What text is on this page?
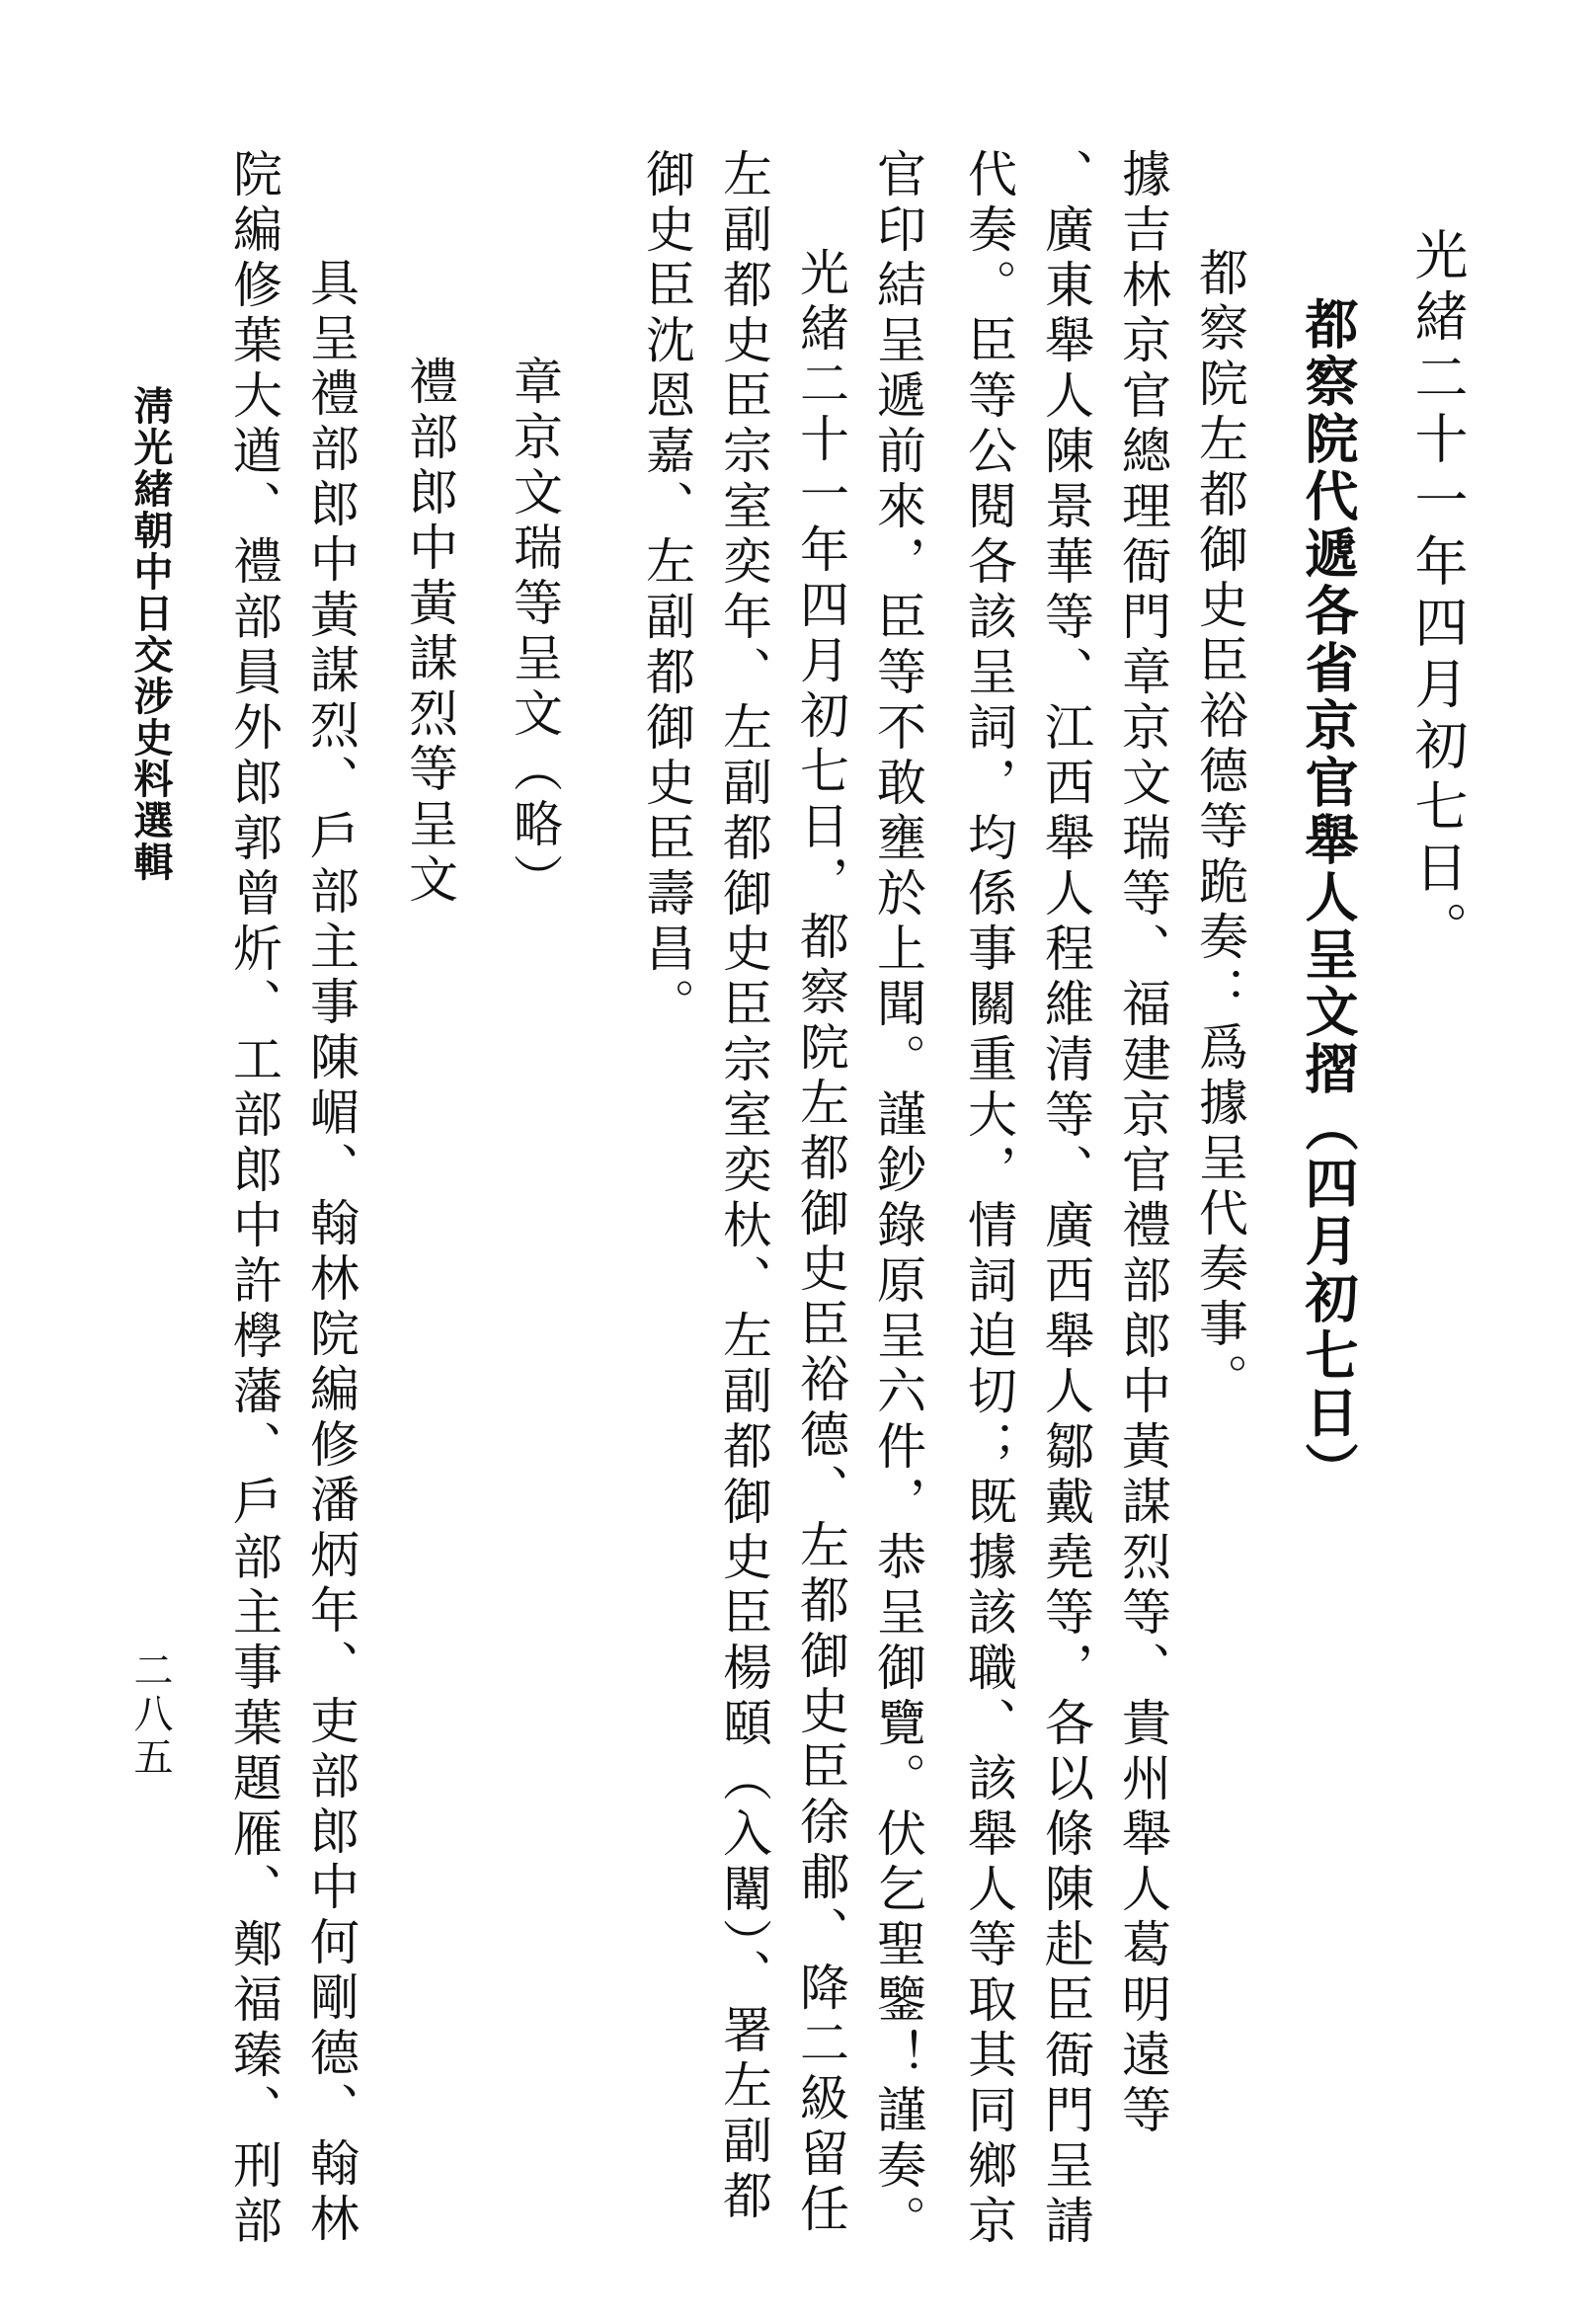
光緒二十一年四月初七日。
都察院代遞各省京官舉人呈文摺（四月初七日）
都察院左都御史臣裕德等跪奏：爲據呈代奏事。
據吉林京官總理衙門章京文瑞等、福建京官禮部郎中黃謀烈等、貴州舉人葛明遠等
、廣東舉人陳景華等、江西舉人程維清等、廣西舉人鄒戴堯等，各以條陳赴臣衙門呈請
代奏。臣等公閱各該呈詞，均係事關重大，情詞迫切；既據該職、該舉人等取其同鄉京
官印結呈遞前來，臣等不敢壅於上聞。謹鈔錄原呈六件，恭呈御覽。伏乞聖鑒！謹奏。
光緒二十一年四月初七日，都察院左都御史臣裕德、左都御史臣徐郙、降二級留任
左副都史臣宗室奕年、左副都御史臣宗室奕杕、左副都御史臣楊頤（入闈）、署左副都
御史臣沈恩嘉、左副都御史臣壽昌。
章京文瑞等呈文（略）
禮部郎中黃謀烈等呈文
具呈禮部郎中黃謀烈、戶部主事陳嵋、翰林院編修潘炳年、吏部郎中何剛德、翰林
院編修葉大遒、禮部員外郎郭曾炘、工部郎中許㰒藩、戶部主事葉題雁、鄭福臻、刑部
淸光緒朝中日交涉史料選輯
二八五
